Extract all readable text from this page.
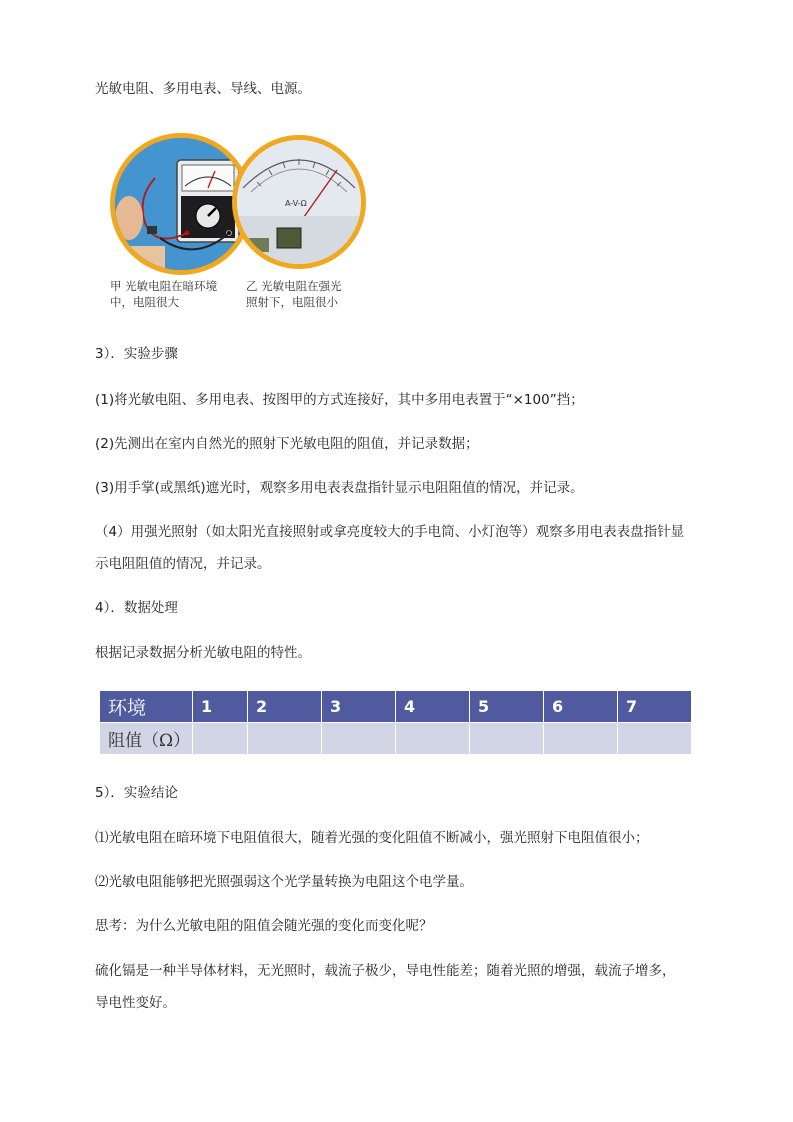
光敏电阻、多用电表、导线、电源。
A-V-Ω
甲 光敏电阻在暗环境
中，电阻很大
乙 光敏电阻在强光
照射下，电阻很小
3）．实验步骤
(1)将光敏电阻、多用电表、按图甲的方式连接好，其中多用电表置于“×100”挡；
(2)先测出在室内自然光的照射下光敏电阻的阻值，并记录数据；
(3)用手掌(或黑纸)遮光时，观察多用电表表盘指针显示电阻阻值的情况，并记录。
（4）用强光照射（如太阳光直接照射或拿亮度较大的手电筒、小灯泡等）观察多用电表表盘指针显
示电阻阻值的情况，并记录。
4）．数据处理
根据记录数据分析光敏电阻的特性。
环境	1	2	3	4	5	6	7
阻值（Ω）							
5）．实验结论
⑴光敏电阻在暗环境下电阻值很大，随着光强的变化阻值不断减小，强光照射下电阻值很小；
⑵光敏电阻能够把光照强弱这个光学量转换为电阻这个电学量。
思考：为什么光敏电阻的阻值会随光强的变化而变化呢？
硫化镉是一种半导体材料，无光照时，载流子极少，导电性能差；随着光照的增强，载流子增多，
导电性变好。
